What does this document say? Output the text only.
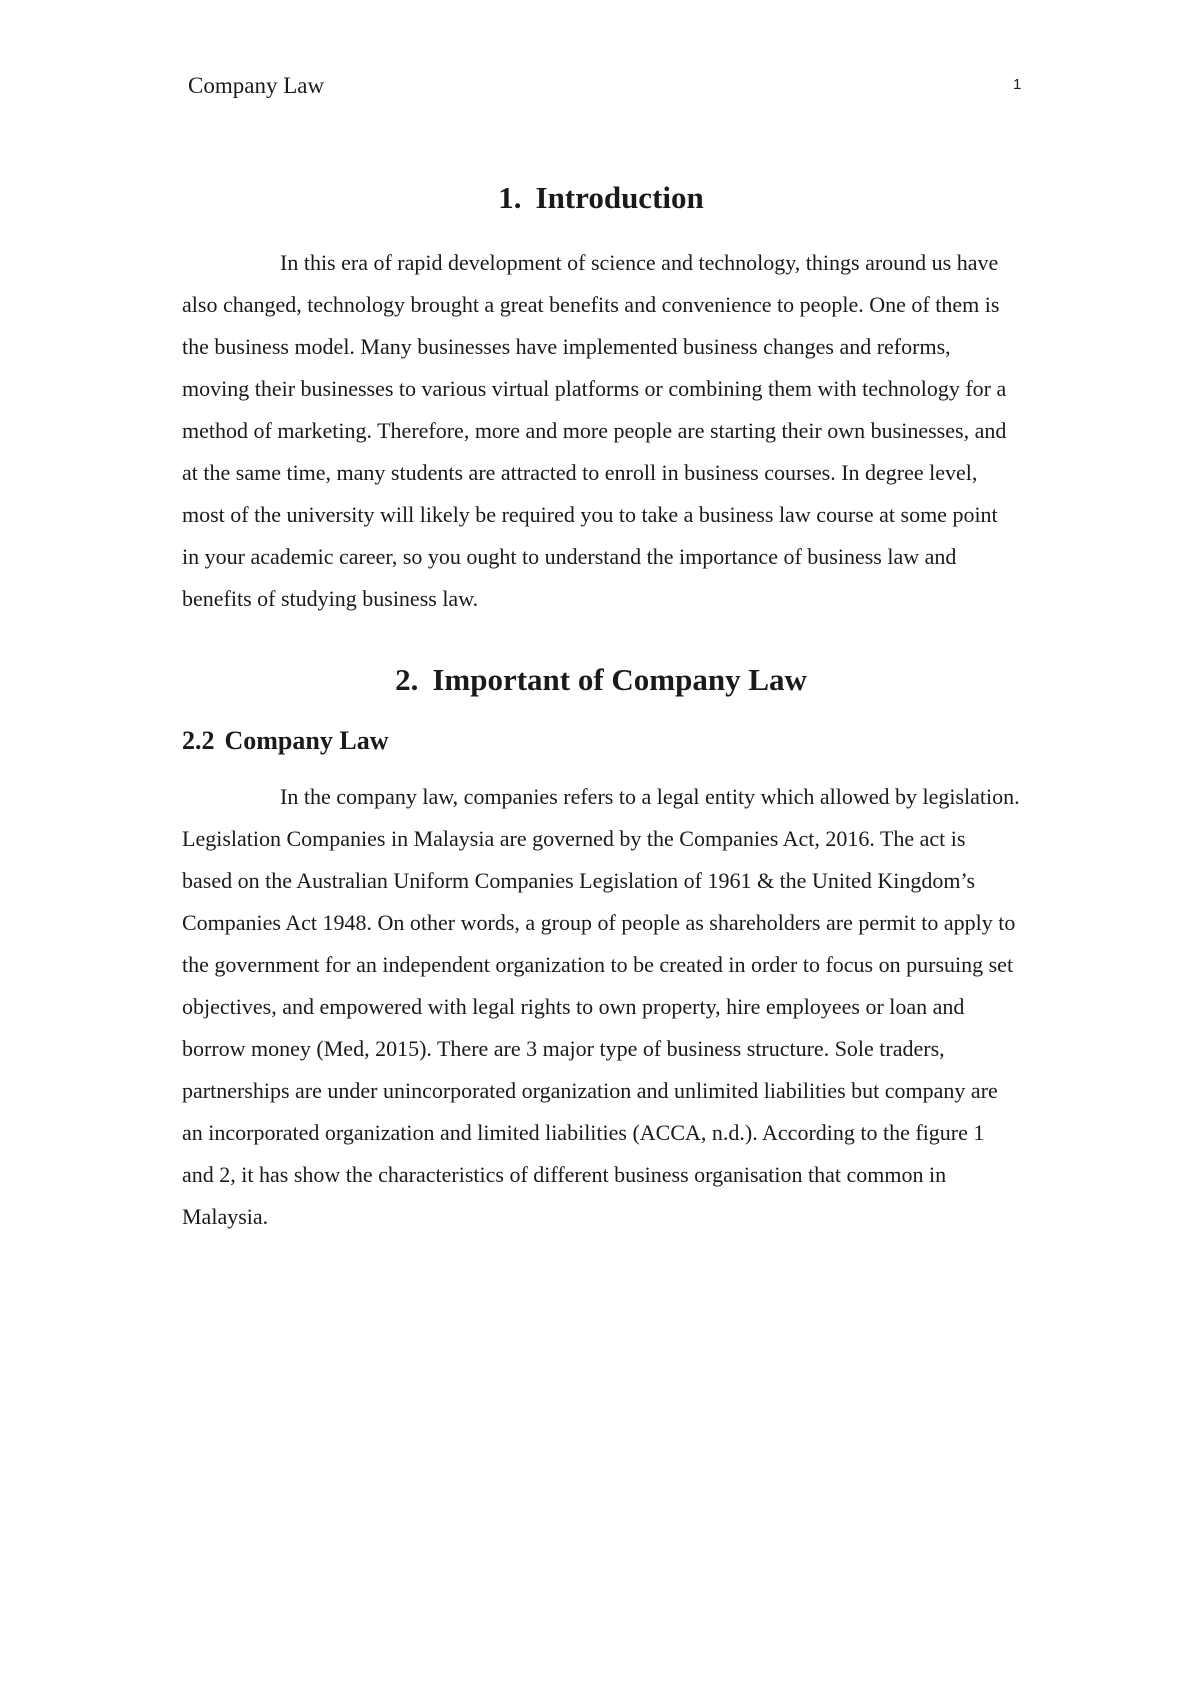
Company Law	1
1. Introduction

In this era of rapid development of science and technology, things around us have also changed, technology brought a great benefits and convenience to people. One of them is the business model. Many businesses have implemented business changes and reforms, moving their businesses to various virtual platforms or combining them with technology for a method of marketing. Therefore, more and more people are starting their own businesses, and at the same time, many students are attracted to enroll in business courses. In degree level, most of the university will likely be required you to take a business law course at some point in your academic career, so you ought to understand the importance of business law and benefits of studying business law.

2. Important of Company Law
2.2 Company Law

In the company law, companies refers to a legal entity which allowed by legislation. Legislation Companies in Malaysia are governed by the Companies Act, 2016. The act is based on the Australian Uniform Companies Legislation of 1961 & the United Kingdom’s Companies Act 1948. On other words, a group of people as shareholders are permit to apply to the government for an independent organization to be created in order to focus on pursuing set objectives, and empowered with legal rights to own property, hire employees or loan and borrow money (Med, 2015). There are 3 major type of business structure. Sole traders, partnerships are under unincorporated organization and unlimited liabilities but company are an incorporated organization and limited liabilities (ACCA, n.d.). According to the figure 1 and 2, it has show the characteristics of different business organisation that common in Malaysia.
